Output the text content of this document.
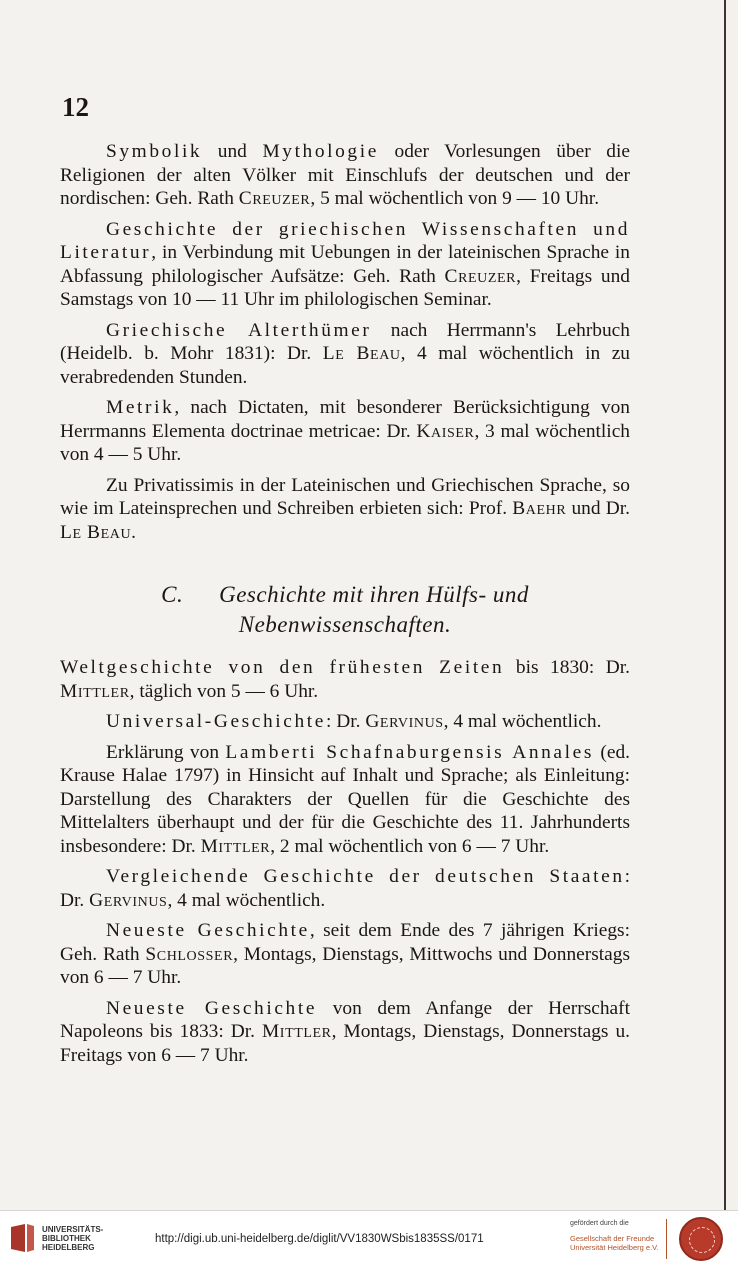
12

Symbolik und Mythologie oder Vorlesungen über die Religionen der alten Völker mit Einschlufs der deutschen und der nordischen: Geh. Rath Creuzer, 5 mal wöchentlich von 9 — 10 Uhr.

Geschichte der griechischen Wissenschaften und Literatur, in Verbindung mit Uebungen in der lateinischen Sprache in Abfassung philologischer Aufsätze: Geh. Rath Creuzer, Freitags und Samstags von 10 — 11 Uhr im philologischen Seminar.

Griechische Alterthümer nach Herrmann's Lehrbuch (Heidelb. b. Mohr 1831): Dr. Le Beau, 4 mal wöchentlich in zu verabredenden Stunden.

Metrik, nach Dictaten, mit besonderer Berücksichtigung von Herrmanns Elementa doctrinae metricae: Dr. Kaiser, 3 mal wöchentlich von 4 — 5 Uhr.

Zu Privatissimis in der Lateinischen und Griechischen Sprache, so wie im Lateinsprechen und Schreiben erbieten sich: Prof. Baehr und Dr. Le Beau.

C. Geschichte mit ihren Hülfs- und
Nebenwissenschaften.

Weltgeschichte von den frühesten Zeiten bis 1830: Dr. Mittler, täglich von 5 — 6 Uhr.

Universal-Geschichte: Dr. Gervinus, 4 mal wöchentlich.

Erklärung von Lamberti Schafnaburgensis Annales (ed. Krause Halae 1797) in Hinsicht auf Inhalt und Sprache; als Einleitung: Darstellung des Charakters der Quellen für die Geschichte des Mittelalters überhaupt und der für die Geschichte des 11. Jahrhunderts insbesondere: Dr. Mittler, 2 mal wöchentlich von 6 — 7 Uhr.

Vergleichende Geschichte der deutschen Staaten: Dr. Gervinus, 4 mal wöchentlich.

Neueste Geschichte, seit dem Ende des 7 jährigen Kriegs: Geh. Rath Schlosser, Montags, Dienstags, Mittwochs und Donnerstags von 6 — 7 Uhr.

Neueste Geschichte von dem Anfange der Herrschaft Napoleons bis 1833: Dr. Mittler, Montags, Dienstags, Donnerstags u. Freitags von 6 — 7 Uhr.

UNIVERSITÄTS-
BIBLIOTHEK
HEIDELBERG
http://digi.ub.uni-heidelberg.de/diglit/VV1830WSbis1835SS/0171
gefördert durch die
Gesellschaft der Freunde
Universität Heidelberg e.V.
